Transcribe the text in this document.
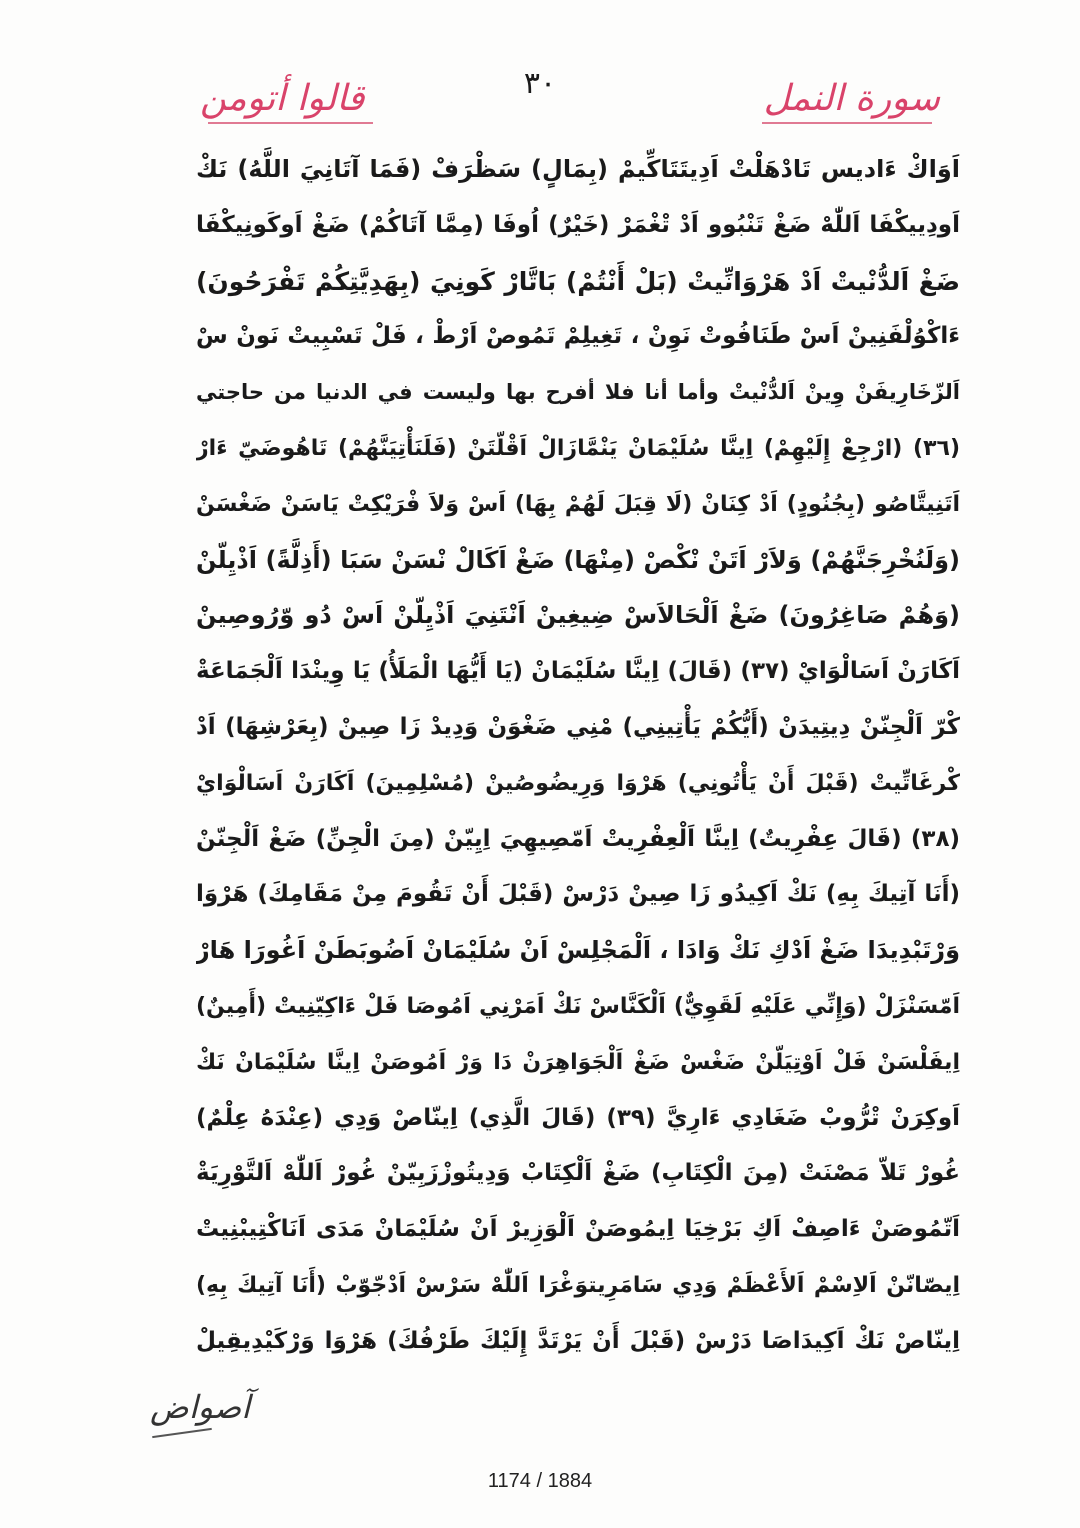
٣٠	سورة النمل
قالوا أتومن
اَوَاكْ ءَاديس تَادْهَلْتْ اَدِيتَتَاكِّيمْ (بِمَالٍ) سَظْرَفْ (فَمَا آتَانِيَ اللَّهُ) نَكْ
اَودِييكْفَا اَللّٰهْ ضَغْ تَنْبُوو اَدْ تْغْمَرْ (خَيْرٌ) اُوفَا (مِمَّا آتَاكُمْ) ضَغْ اَوكَونِيكْفَا
ضَغْ اَلدُّنْيتْ اَدْ هَرْوَانِّيتْ (بَلْ أَنْتُمْ) بَاتَّارْ كَونِيَ (بِهَدِيَّتِكُمْ تَفْرَحُونَ)
ءَاكْوُلْفَنِينْ اَسْ طَنَافُوتْ نَوِنْ ، تَغِيلِمْ تَمُوصْ اَرْطْ ، فَلْ تَسْبِيتْ نَونْ سْ
اَلزّخَارِيفَنْ وِينْ اَلدُّنْيتْ وأما أنا فلا أفرح بها وليست في الدنيا من حاجتي
(٣٦) (ارْجِعْ إِلَيْهِمْ) اِينَّا سُلَيْمَانْ يَنْمَّازَالْ اَقْلّتَنْ (فَلَنَأْتِيَنَّهُمْ) تَاهُوضَيّ ءَارْ
اَتَنِيتَّاصُو (بِجُنُودٍ) اَدْ كِنَانْ (لَا قِبَلَ لَهُمْ بِهَا) اَسْ وَلاَ فْرَيْكِتْ يَاسَنْ ضَغْسَنْ
(وَلَنُخْرِجَنَّهُمْ) وَلاَرْ اَتَنْ نْكْصْ (مِنْهَا) ضَغْ اَكَالْ نْسَنْ سَبَا (أَذِلَّةً) اَذْيِلّنْ
(وَهُمْ صَاغِرُونَ) ضَغْ اَلْحَالاَسْ ضِيغِينْ اَنْتَنِيَ اَذْيِلّنْ اَسْ دُو وّرُوصِينْ
اَكَارَنْ اَسَالْوَايْ (٣٧) (قَالَ) اِينَّا سُلَيْمَانْ (يَا أَيُّهَا الْمَلَأُ) يَا وِينْدَا اَلْجَمَاعَةْ
كْرّ اَلْجِنّنْ دِيتِيدَنْ (أَيُّكُمْ يَأْتِينِي) مْنِي ضَغْوَنْ وَدِيدْ زَا صِينْ (بِعَرْشِهَا) اَدْ
كْرغَاتِّيتْ (قَبْلَ أَنْ يَأْتُونِي) هَرْوَا وَرِيضُوصُينْ (مُسْلِمِينَ) اَكَارَنْ اَسَالْوَايْ
(٣٨) (قَالَ عِفْرِيتٌ) اِينَّا اَلْعِفْرِيتْ اَمّصِيهِيَ اِيِيّنْ (مِنَ الْجِنِّ) ضَغْ اَلْجِنّنْ
(أَنَا آتِيكَ بِهِ) نَكْ اَكِيدُو زَا صِينْ دَرْسْ (قَبْلَ أَنْ تَقُومَ مِنْ مَقَامِكَ) هَرْوَا
وَرْتَبْدِيدَا ضَغْ اَدْكِ نَكْ وَادَا ، اَلْمَجْلِسْ اَنْ سُلَيْمَانْ اَضُوبَطَنْ اَغُورَا هَارْ
اَمّسَنْزَلْ (وَإِنِّي عَلَيْهِ لَقَوِيٌّ) اَلْكَنَّاسْ نَكْ اَمَرْنِي اَمُوصَا فَلْ ءَاكِيّنِيتْ (أَمِينٌ)
اِيفَلْسَنْ فَلْ اَوْتِيَلّنْ ضَغْسْ ضَغْ اَلْجَوَاهِرَنْ دَا وَرْ اَمُوصَنْ اِينَّا سُلَيْمَانْ نَكْ
اَوكِرَنْ تْرُّوبْ ضَغَادِي ءَارِيَّ (٣٩) (قَالَ الَّذِي) اِينّاصْ وَدِي (عِنْدَهُ عِلْمٌ)
غُورْ تَلاّ مَصْنَتْ (مِنَ الْكِتَابِ) ضَغْ اَلْكِتَابْ وَدِيتُوزْزَبِيّنْ غُورْ اَللّٰهْ اَلتَّوْرِيَةْ
اَتّمُوصَنْ ءَاصِفْ اَكِ بَرْخِيَا اِيمُوصَنْ اَلْوَزِيرْ اَنْ سُلَيْمَانْ مَدَى اَنَاكْتِيبْنِيتْ
اِيصّانّنْ اَلاِسْمْ اَلأَعْظَمْ وَدِي سَامَرِيتوَغْرَا اَللّٰهْ سَرْسْ اَدْجّوّبْ (أَنَا آتِيكَ بِهِ)
اِينّاصْ نَكْ اَكِيدَاصَا دَرْسْ (قَبْلَ أَنْ يَرْتَدَّ إِلَيْكَ طَرْفُكَ) هَرْوَا وَرْكَيْدِيقِيلْ
آصواض
1174 / 1884
